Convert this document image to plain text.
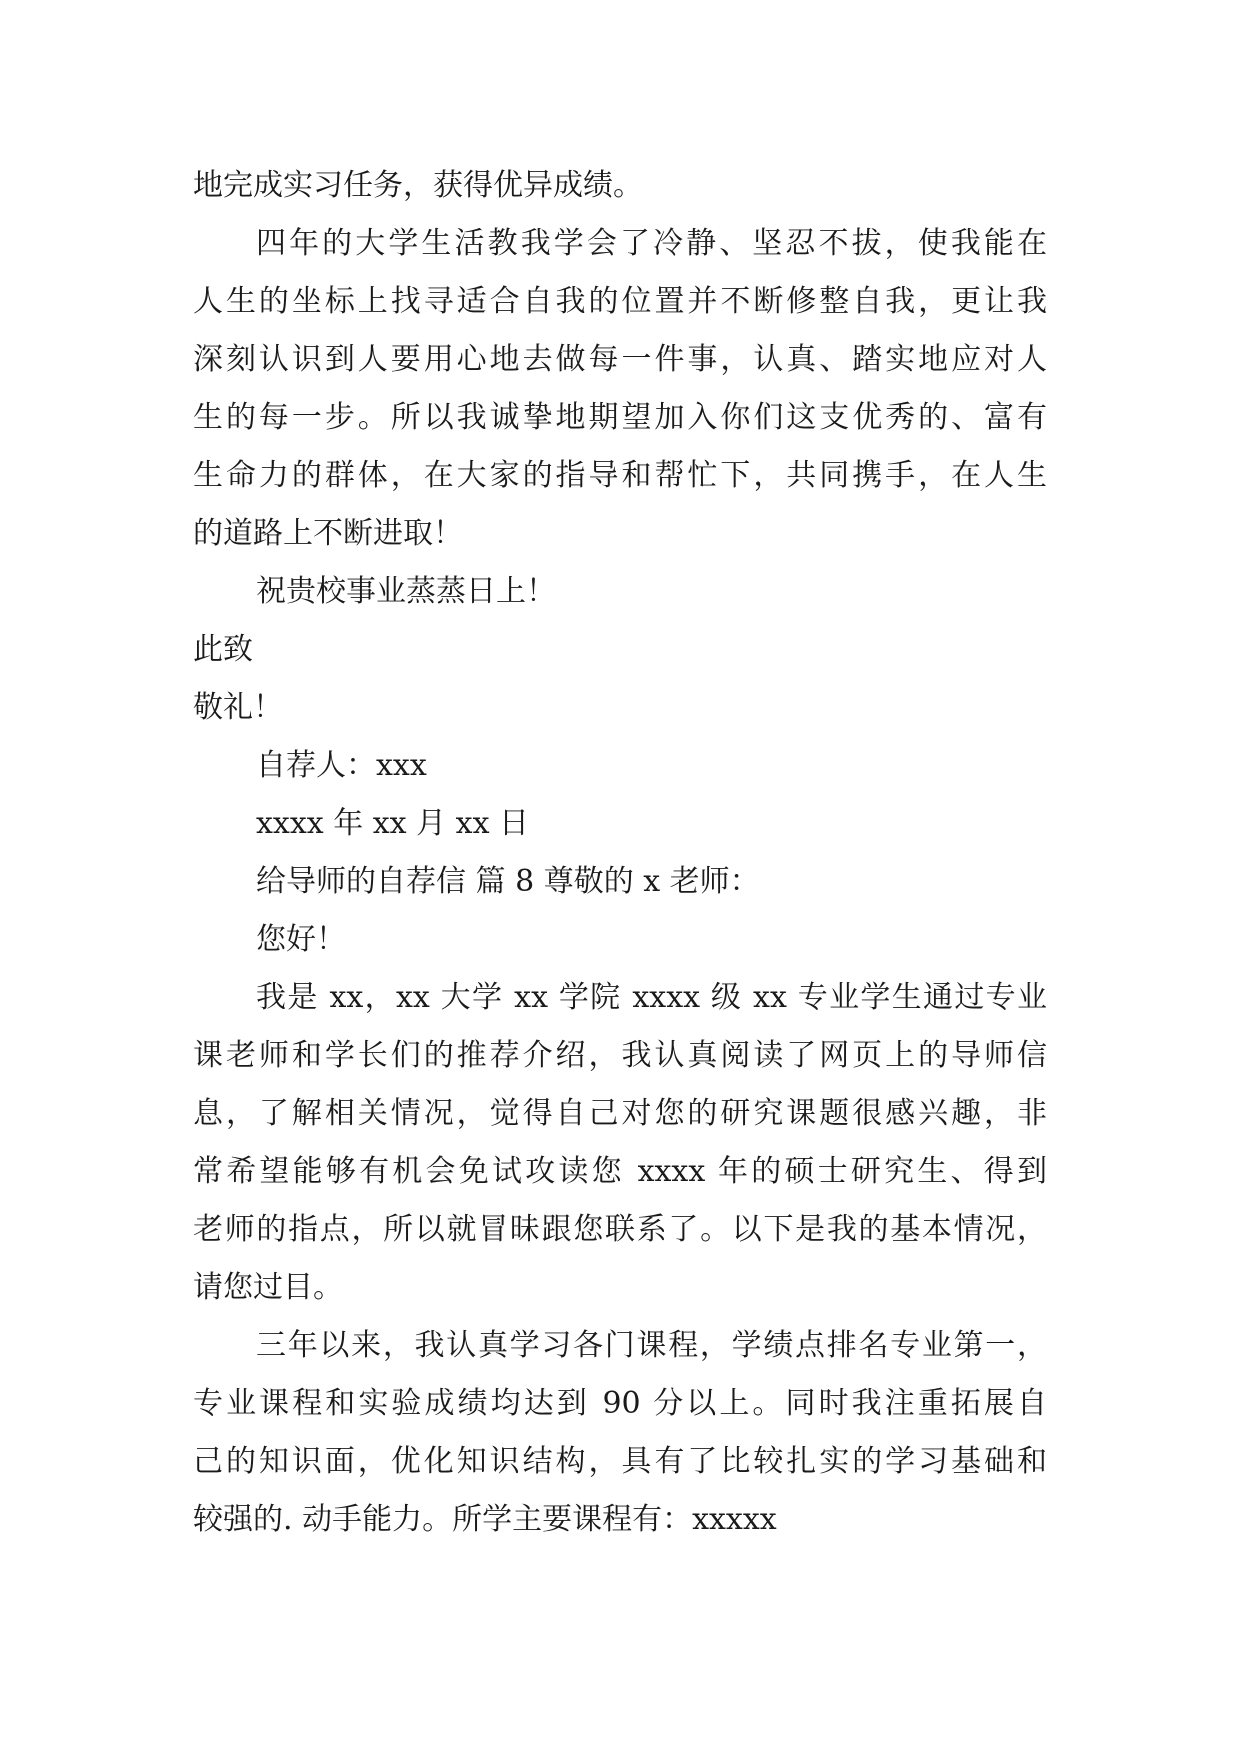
地完成实习任务，获得优异成绩。
四年的大学生活教我学会了冷静、坚忍不拔，使我能在
人生的坐标上找寻适合自我的位置并不断修整自我，更让我
深刻认识到人要用心地去做每一件事，认真、踏实地应对人
生的每一步。所以我诚挚地期望加入你们这支优秀的、富有
生命力的群体，在大家的指导和帮忙下，共同携手，在人生
的道路上不断进取！
祝贵校事业蒸蒸日上！
此致
敬礼！
自荐人：xxx
xxxx 年 xx 月 xx 日
给导师的自荐信 篇 8 尊敬的 x 老师：
您好！
我是 xx，xx 大学 xx 学院 xxxx 级 xx 专业学生通过专业
课老师和学长们的推荐介绍，我认真阅读了网页上的导师信
息，了解相关情况，觉得自己对您的研究课题很感兴趣，非
常希望能够有机会免试攻读您 xxxx 年的硕士研究生、得到
老师的指点，所以就冒昧跟您联系了。以下是我的基本情况，
请您过目。
三年以来，我认真学习各门课程，学绩点排名专业第一，
专业课程和实验成绩均达到 90 分以上。同时我注重拓展自
己的知识面，优化知识结构，具有了比较扎实的学习基础和
较强的. 动手能力。所学主要课程有：xxxxx
